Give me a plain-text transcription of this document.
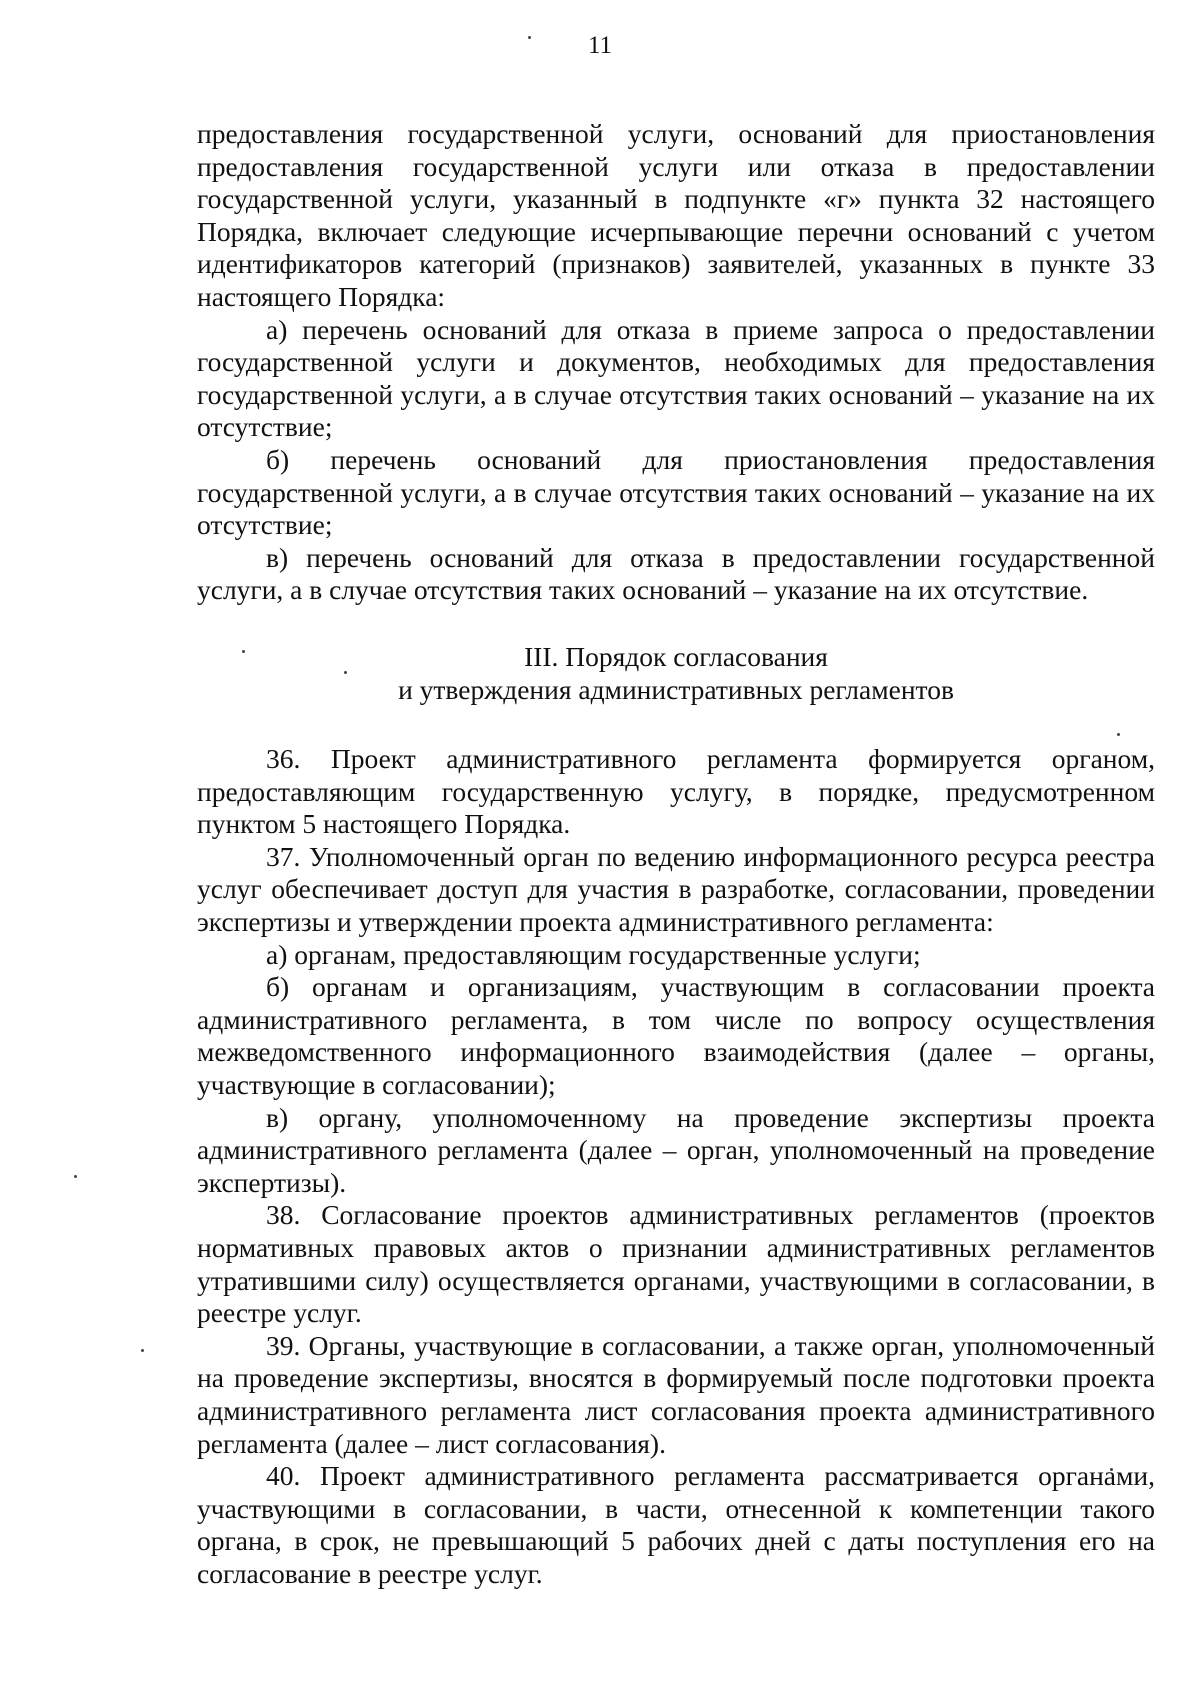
11

предоставления государственной услуги, оснований для приостановления предоставления государственной услуги или отказа в предоставлении государственной услуги, указанный в подпункте «г» пункта 32 настоящего Порядка, включает следующие исчерпывающие перечни оснований с учетом идентификаторов категорий (признаков) заявителей, указанных в пункте 33 настоящего Порядка:

а) перечень оснований для отказа в приеме запроса о предоставлении государственной услуги и документов, необходимых для предоставления государственной услуги, а в случае отсутствия таких оснований – указание на их отсутствие;

б) перечень оснований для приостановления предоставления государственной услуги, а в случае отсутствия таких оснований – указание на их отсутствие;

в) перечень оснований для отказа в предоставлении государственной услуги, а в случае отсутствия таких оснований – указание на их отсутствие.

III. Порядок согласования
и утверждения административных регламентов

36. Проект административного регламента формируется органом, предоставляющим государственную услугу, в порядке, предусмотренном пунктом 5 настоящего Порядка.

37. Уполномоченный орган по ведению информационного ресурса реестра услуг обеспечивает доступ для участия в разработке, согласовании, проведении экспертизы и утверждении проекта административного регламента:

а) органам, предоставляющим государственные услуги;

б) органам и организациям, участвующим в согласовании проекта административного регламента, в том числе по вопросу осуществления межведомственного информационного взаимодействия (далее – органы, участвующие в согласовании);

в) органу, уполномоченному на проведение экспертизы проекта административного регламента (далее – орган, уполномоченный на проведение экспертизы).

38. Согласование проектов административных регламентов (проектов нормативных правовых актов о признании административных регламентов утратившими силу) осуществляется органами, участвующими в согласовании, в реестре услуг.

39. Органы, участвующие в согласовании, а также орган, уполномоченный на проведение экспертизы, вносятся в формируемый после подготовки проекта административного регламента лист согласования проекта административного регламента (далее – лист согласования).

40. Проект административного регламента рассматривается органами, участвующими в согласовании, в части, отнесенной к компетенции такого органа, в срок, не превышающий 5 рабочих дней с даты поступления его на согласование в реестре услуг.
